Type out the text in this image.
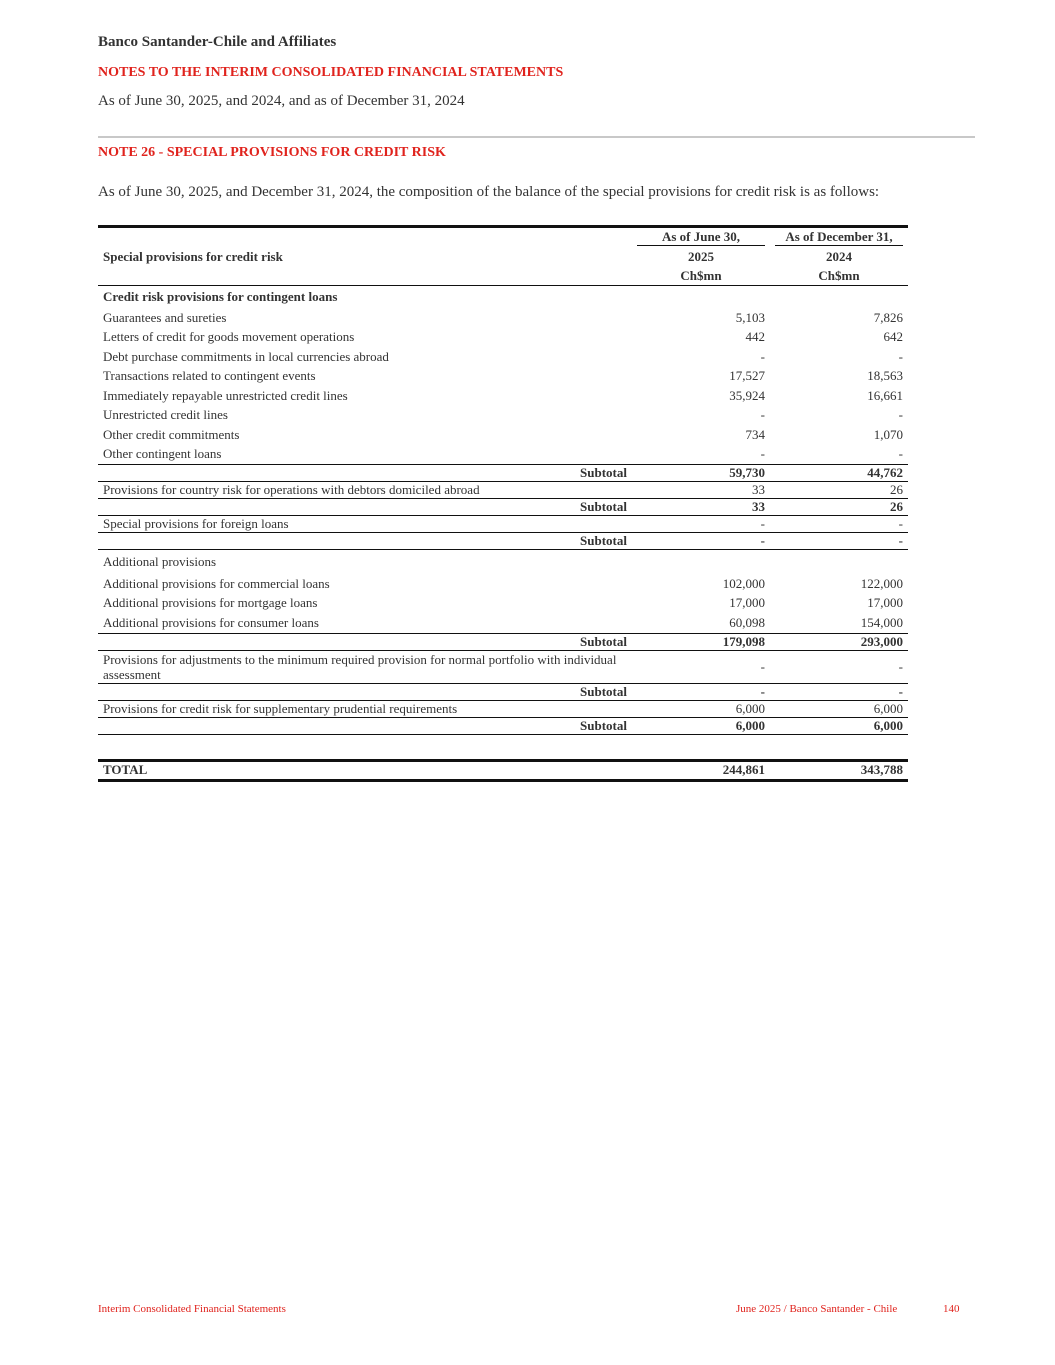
Banco Santander-Chile and Affiliates
NOTES TO THE INTERIM CONSOLIDATED FINANCIAL STATEMENTS
As of June 30, 2025, and 2024, and as of December 31, 2024
NOTE 26 - SPECIAL PROVISIONS FOR CREDIT RISK
As of June 30, 2025, and December 31, 2024, the composition of the balance of the special provisions for credit risk is as follows:
Special provisions for credit risk	As of June 30,	As of December 31,

	2025	2024
	Ch$mn	Ch$mn
Credit risk provisions for contingent loans		
Guarantees and sureties	5,103	7,826
Letters of credit for goods movement operations	442	642
Debt purchase commitments in local currencies abroad	-	-
Transactions related to contingent events	17,527	18,563
Immediately repayable unrestricted credit lines	35,924	16,661
Unrestricted credit lines	-	-
Other credit commitments	734	1,070
Other contingent loans	-	-
Subtotal	59,730	44,762
Provisions for country risk for operations with debtors domiciled abroad	33	26
Subtotal	33	26
Special provisions for foreign loans	-	-
Subtotal	-	-
Additional provisions		
Additional provisions for commercial loans	102,000	122,000
Additional provisions for mortgage loans	17,000	17,000
Additional provisions for consumer loans	60,098	154,000
Subtotal	179,098	293,000
Provisions for adjustments to the minimum required provision for normal portfolio with individual assessment	-	-
Subtotal	-	-
Provisions for credit risk for supplementary prudential requirements	6,000	6,000
Subtotal	6,000	6,000

TOTAL	244,861	343,788
Interim Consolidated Financial Statements	June 2025 / Banco Santander - Chile	140
